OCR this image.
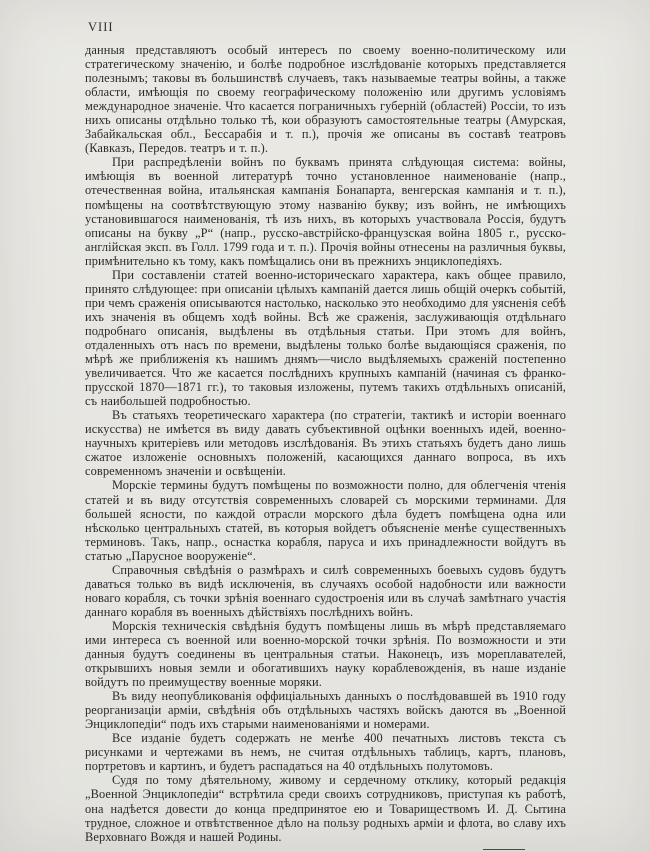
VIII

данныя представляютъ особый интересъ по своему военно-политическому или стратегическому значенію, и болѣе подробное изслѣдованіе которыхъ представляется полезнымъ; таковы въ большинствѣ случаевъ, такъ называемые театры войны, а также области, имѣющія по своему географическому положенію или другимъ условіямъ международное значеніе. Что касается пограничныхъ губерній (областей) Россіи, то изъ нихъ описаны отдѣльно только тѣ, кои образуютъ самостоятельные театры (Амурская, Забайкальская обл., Бессарабія и т. п.), прочія же описаны въ составѣ театровъ (Кавказъ, Передов. театръ и т. п.).

При распредѣленіи войнъ по буквамъ принята слѣдующая система: войны, имѣющія въ военной литературѣ точно установленное наименованіе (напр., отечественная война, итальянская кампанія Бонапарта, венгерская кампанія и т. п.), помѣщены на соотвѣтствующую этому названію букву; изъ войнъ, не имѣющихъ установившагося наименованія, тѣ изъ нихъ, въ которыхъ участвовала Россія, будутъ описаны на букву „Р“ (напр., русско-австрійско-французская война 1805 г., русско-англійская эксп. въ Голл. 1799 года и т. п.). Прочія войны отнесены на различныя буквы, примѣнительно къ тому, какъ помѣщались они въ прежнихъ энциклопедіяхъ.

При составленіи статей военно-историческаго характера, какъ общее правило, принято слѣдующее: при описаніи цѣлыхъ кампаній дается лишь общій очеркъ событій, при чемъ сраженія описываются настолько, насколько это необходимо для уясненія себѣ ихъ значенія въ общемъ ходѣ войны. Всѣ же сраженія, заслуживающія отдѣльнаго подробнаго описанія, выдѣлены въ отдѣльныя статьи. При этомъ для войнъ, отдаленныхъ отъ насъ по времени, выдѣлены только болѣе выдающіяся сраженія, по мѣрѣ же приближенія къ нашимъ днямъ—число выдѣляемыхъ сраженій постепенно увеличивается. Что же касается послѣднихъ крупныхъ кампаній (начиная съ франко-прусской 1870—1871 гг.), то таковыя изложены, путемъ такихъ отдѣльныхъ описаній, съ наибольшей подробностью.

Въ статьяхъ теоретическаго характера (по стратегіи, тактикѣ и исторіи военнаго искусства) не имѣется въ виду давать субъективной оцѣнки военныхъ идей, военно-научныхъ критеріевъ или методовъ изслѣдованія. Въ этихъ статьяхъ будетъ дано лишь сжатое изложеніе основныхъ положеній, касающихся даннаго вопроса, въ ихъ современномъ значеніи и освѣщеніи.

Морскіе термины будутъ помѣщены по возможности полно, для облегченія чтенія статей и въ виду отсутствія современныхъ словарей съ морскими терминами. Для большей ясности, по каждой отрасли морского дѣла будетъ помѣщена одна или нѣсколько центральныхъ статей, въ которыя войдетъ объясненіе менѣе существенныхъ терминовъ. Такъ, напр., оснастка корабля, паруса и ихъ принадлежности войдутъ въ статью „Парусное вооруженіе“.

Справочныя свѣдѣнія о размѣрахъ и силѣ современныхъ боевыхъ судовъ будутъ даваться только въ видѣ исключенія, въ случаяхъ особой надобности или важности новаго корабля, съ точки зрѣнія военнаго судостроенія или въ случаѣ замѣтнаго участія даннаго корабля въ военныхъ дѣйствіяхъ послѣднихъ войнъ.

Морскія техническія свѣдѣнія будутъ помѣщены лишь въ мѣрѣ представляемаго ими интереса съ военной или военно-морской точки зрѣнія. По возможности и эти данныя будутъ соединены въ центральныя статьи. Наконецъ, изъ мореплавателей, открывшихъ новыя земли и обогатившихъ науку кораблевожденія, въ наше изданіе войдутъ по преимуществу военные моряки.

Въ виду неопубликованія оффиціальныхъ данныхъ о послѣдовавшей въ 1910 году реорганизаціи арміи, свѣдѣнія объ отдѣльныхъ частяхъ войскъ даются въ „Военной Энциклопедіи“ подъ ихъ старыми наименованіями и номерами.

Все изданіе будетъ содержать не менѣе 400 печатныхъ листовъ текста съ рисунками и чертежами въ немъ, не считая отдѣльныхъ таблицъ, картъ, плановъ, портретовъ и картинъ, и будетъ распадаться на 40 отдѣльныхъ полутомовъ.

Судя по тому дѣятельному, живому и сердечному отклику, который редакція „Военной Энциклопедіи“ встрѣтила среди своихъ сотрудниковъ, приступая къ работѣ, она надѣется довести до конца предпринятое ею и Товариществомъ И. Д. Сытина трудное, сложное и отвѣтственное дѣло на пользу родныхъ арміи и флота, во славу ихъ Верховнаго Вождя и нашей Родины.
